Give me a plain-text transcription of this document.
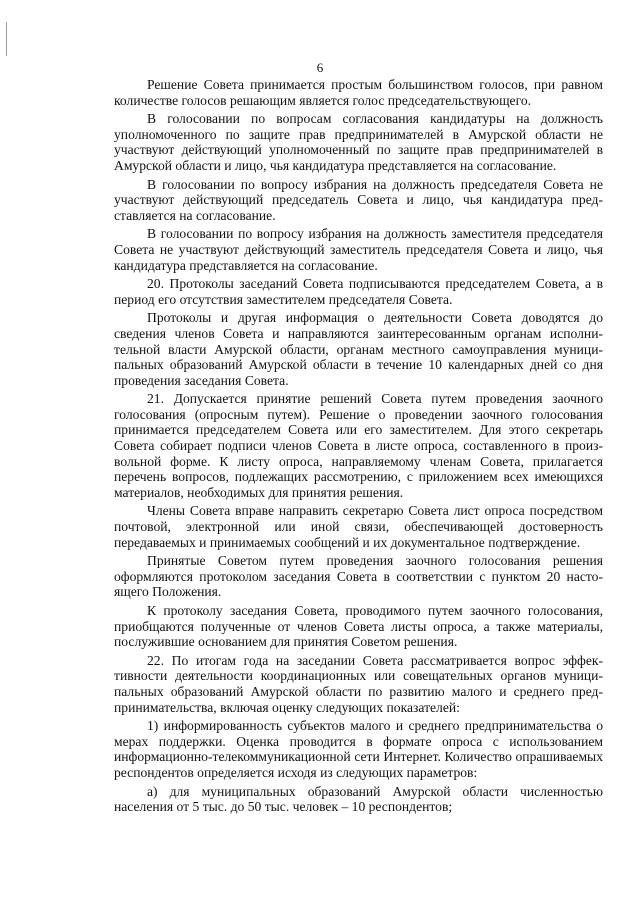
6

Решение Совета принимается простым большинством голосов, при равном количестве голосов решающим является голос председательствующего.

В голосовании по вопросам согласования кандидатуры на должность уполномоченного по защите прав предпринимателей в Амурской области не участвуют действующий уполномоченный по защите прав предпринимателей в Амурской области и лицо, чья кандидатура представляется на согласование.

В голосовании по вопросу избрания на должность председателя Совета не участвуют действующий председатель Совета и лицо, чья кандидатура представляется на согласование.

В голосовании по вопросу избрания на должность заместителя председателя Совета не участвуют действующий заместитель председателя Совета и лицо, чья кандидатура представляется на согласование.

20. Протоколы заседаний Совета подписываются председателем Совета, а в период его отсутствия заместителем председателя Совета.

Протоколы и другая информация о деятельности Совета доводятся до сведения членов Совета и направляются заинтересованным органам исполнительной власти Амурской области, органам местного самоуправления муниципальных образований Амурской области в течение 10 календарных дней со дня проведения заседания Совета.

21. Допускается принятие решений Совета путем проведения заочного голосования (опросным путем). Решение о проведении заочного голосования принимается председателем Совета или его заместителем. Для этого секретарь Совета собирает подписи членов Совета в листе опроса, составленного в произвольной форме. К листу опроса, направляемому членам Совета, прилагается перечень вопросов, подлежащих рассмотрению, с приложением всех имеющихся материалов, необходимых для принятия решения.

Члены Совета вправе направить секретарю Совета лист опроса посредством почтовой, электронной или иной связи, обеспечивающей достоверность передаваемых и принимаемых сообщений и их документальное подтверждение.

Принятые Советом путем проведения заочного голосования решения оформляются протоколом заседания Совета в соответствии с пунктом 20 настоящего Положения.

К протоколу заседания Совета, проводимого путем заочного голосования, приобщаются полученные от членов Совета листы опроса, а также материалы, послужившие основанием для принятия Советом решения.

22. По итогам года на заседании Совета рассматривается вопрос эффективности деятельности координационных или совещательных органов муниципальных образований Амурской области по развитию малого и среднего предпринимательства, включая оценку следующих показателей:

1) информированность субъектов малого и среднего предпринимательства о мерах поддержки. Оценка проводится в формате опроса с использованием информационно-телекоммуникационной сети Интернет. Количество опрашиваемых респондентов определяется исходя из следующих параметров:

а) для муниципальных образований Амурской области численностью населения от 5 тыс. до 50 тыс. человек – 10 респондентов;
